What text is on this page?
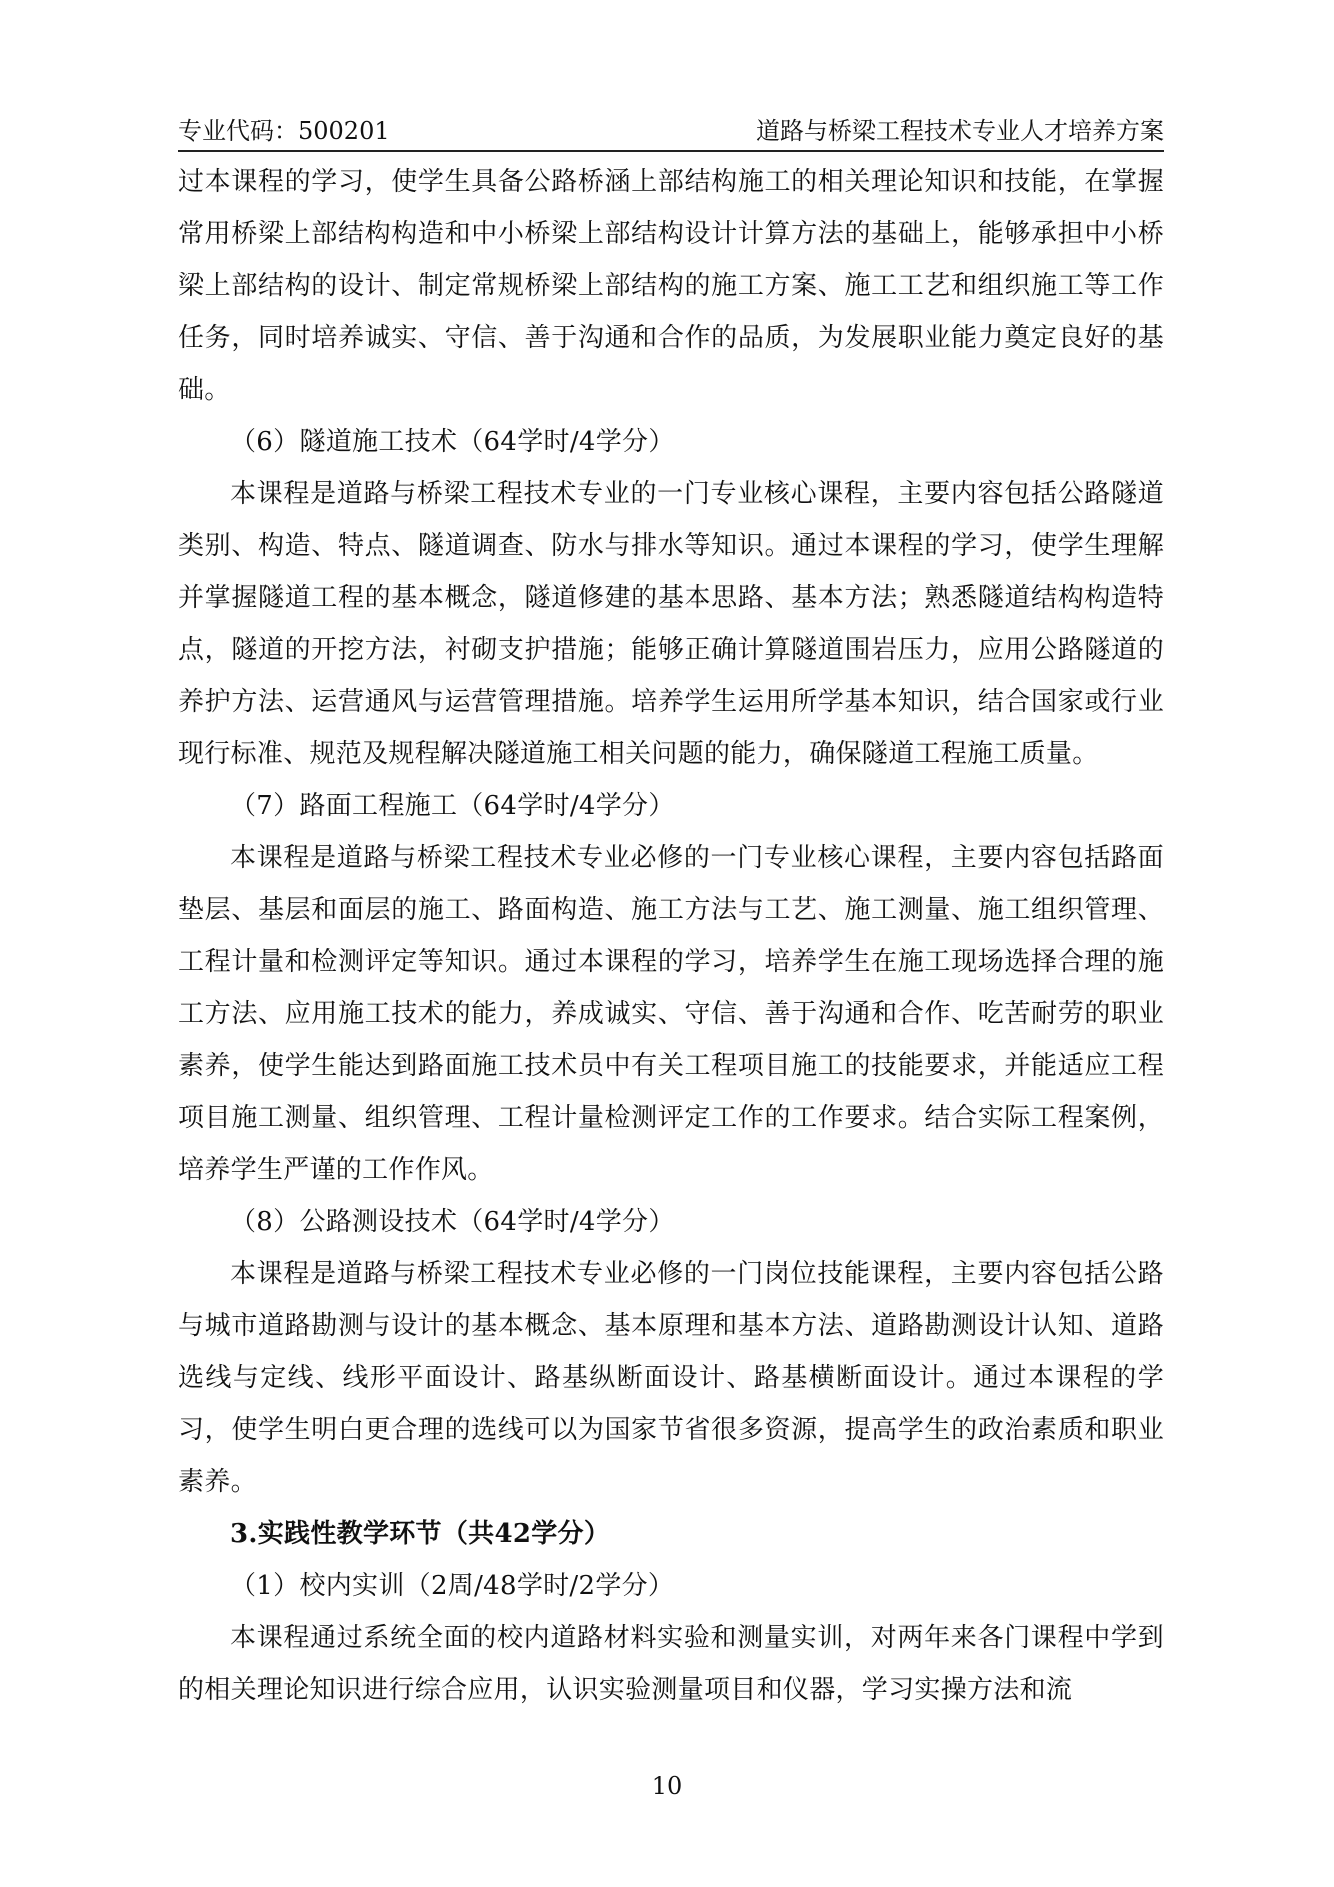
专业代码：500201	道路与桥梁工程技术专业人才培养方案

过本课程的学习，使学生具备公路桥涵上部结构施工的相关理论知识和技能，在掌握常用桥梁上部结构构造和中小桥梁上部结构设计计算方法的基础上，能够承担中小桥梁上部结构的设计、制定常规桥梁上部结构的施工方案、施工工艺和组织施工等工作任务，同时培养诚实、守信、善于沟通和合作的品质，为发展职业能力奠定良好的基础。

（6）隧道施工技术（64学时/4学分）

本课程是道路与桥梁工程技术专业的一门专业核心课程，主要内容包括公路隧道类别、构造、特点、隧道调查、防水与排水等知识。通过本课程的学习，使学生理解并掌握隧道工程的基本概念，隧道修建的基本思路、基本方法；熟悉隧道结构构造特点，隧道的开挖方法，衬砌支护措施；能够正确计算隧道围岩压力，应用公路隧道的养护方法、运营通风与运营管理措施。培养学生运用所学基本知识，结合国家或行业现行标准、规范及规程解决隧道施工相关问题的能力，确保隧道工程施工质量。

（7）路面工程施工（64学时/4学分）

本课程是道路与桥梁工程技术专业必修的一门专业核心课程，主要内容包括路面垫层、基层和面层的施工、路面构造、施工方法与工艺、施工测量、施工组织管理、工程计量和检测评定等知识。通过本课程的学习，培养学生在施工现场选择合理的施工方法、应用施工技术的能力，养成诚实、守信、善于沟通和合作、吃苦耐劳的职业素养，使学生能达到路面施工技术员中有关工程项目施工的技能要求，并能适应工程项目施工测量、组织管理、工程计量检测评定工作的工作要求。结合实际工程案例，培养学生严谨的工作作风。

（8）公路测设技术（64学时/4学分）

本课程是道路与桥梁工程技术专业必修的一门岗位技能课程，主要内容包括公路与城市道路勘测与设计的基本概念、基本原理和基本方法、道路勘测设计认知、道路选线与定线、线形平面设计、路基纵断面设计、路基横断面设计。通过本课程的学习，使学生明白更合理的选线可以为国家节省很多资源，提高学生的政治素质和职业素养。

3.实践性教学环节（共42学分）

（1）校内实训（2周/48学时/2学分）

本课程通过系统全面的校内道路材料实验和测量实训，对两年来各门课程中学到的相关理论知识进行综合应用，认识实验测量项目和仪器，学习实操方法和流

10
